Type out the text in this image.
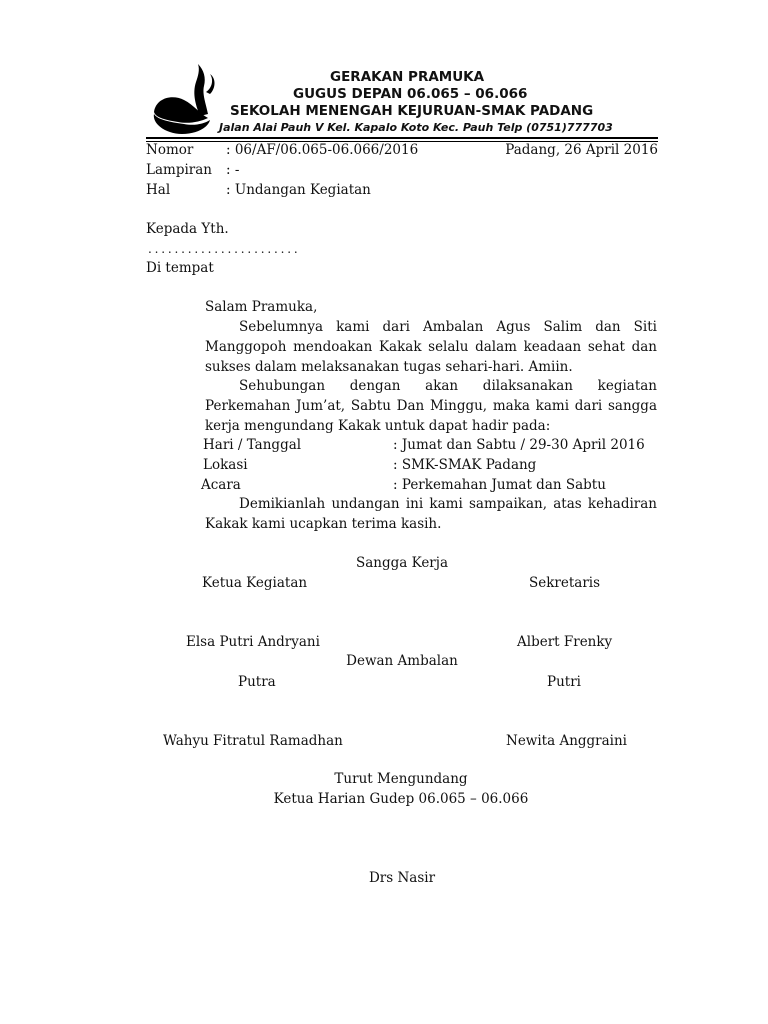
GERAKAN PRAMUKA
GUGUS DEPAN 06.065 – 06.066
SEKOLAH MENENGAH KEJURUAN-SMAK PADANG
Jalan Alai Pauh V Kel. Kapalo Koto Kec. Pauh Telp (0751)777703
Nomor : 06/AF/06.065-06.066/2016	Padang, 26 April 2016
Lampiran : -
Hal	: Undangan Kegiatan
Kepada Yth.
. . . . . . . . . . . . . . . . . . . . . . .
Di tempat
Salam Pramuka,
Sebelumnya kami dari Ambalan Agus Salim dan Siti Manggopoh mendoakan Kakak selalu dalam keadaan sehat dan sukses dalam melaksanakan tugas sehari-hari. Amiin.
Sehubungan dengan akan dilaksanakan kegiatan Perkemahan Jum’at, Sabtu Dan Minggu, maka kami dari sangga kerja mengundang Kakak untuk dapat hadir pada:
Hari / Tanggal	: Jumat dan Sabtu / 29-30 April 2016
Lokasi	: SMK-SMAK Padang
Acara	: Perkemahan Jumat dan Sabtu
Demikianlah undangan ini kami sampaikan, atas kehadiran Kakak kami ucapkan terima kasih.
Sangga Kerja
Ketua Kegiatan	Sekretaris
Elsa Putri Andryani	Albert Frenky
Dewan Ambalan
Putra	Putri
Wahyu Fitratul Ramadhan	Newita Anggraini
Turut Mengundang
Ketua Harian Gudep 06.065 – 06.066
Drs Nasir
